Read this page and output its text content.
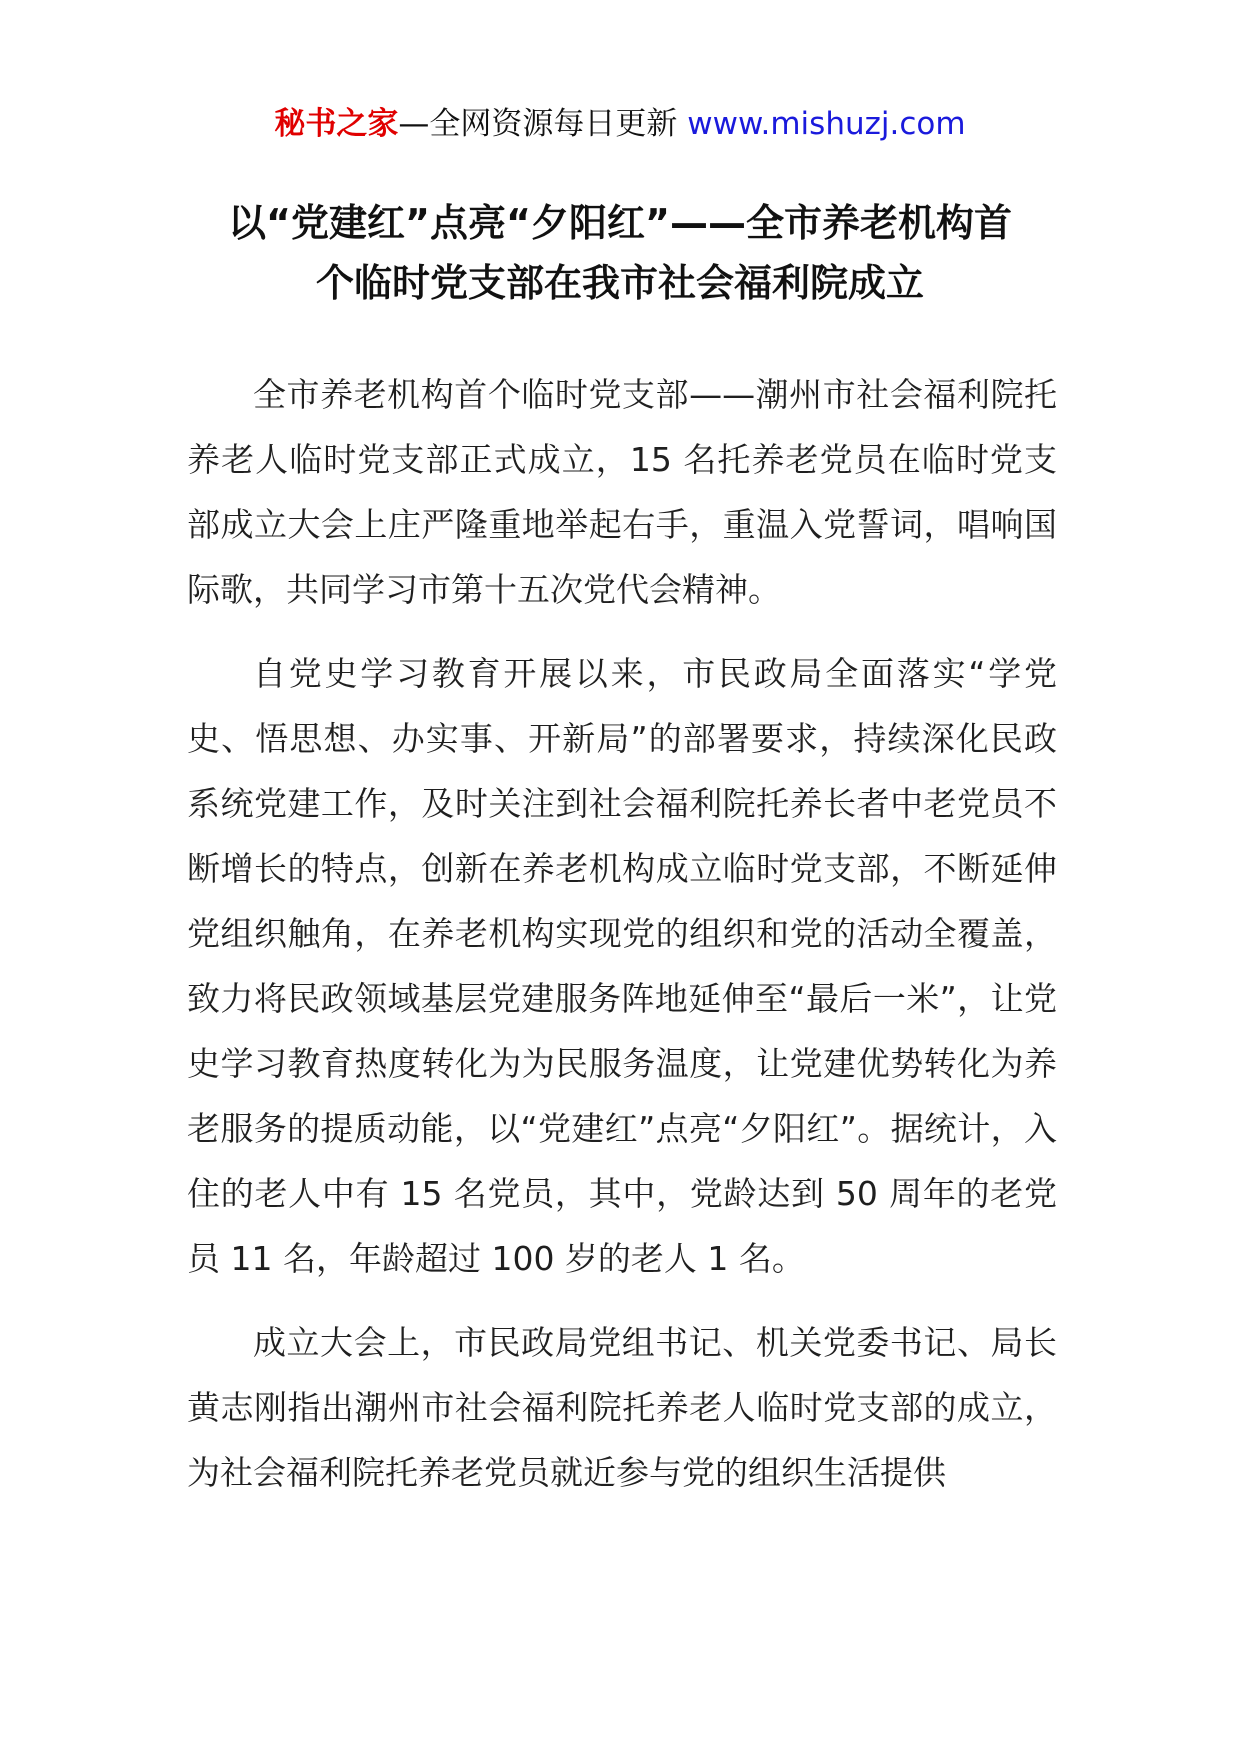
秘书之家—全网资源每日更新 www.mishuzj.com
以“党建红”点亮“夕阳红”——全市养老机构首
个临时党支部在我市社会福利院成立

全市养老机构首个临时党支部——潮州市社会福利院托养老人临时党支部正式成立，15 名托养老党员在临时党支部成立大会上庄严隆重地举起右手，重温入党誓词，唱响国际歌，共同学习市第十五次党代会精神。

自党史学习教育开展以来，市民政局全面落实“学党史、悟思想、办实事、开新局”的部署要求，持续深化民政系统党建工作，及时关注到社会福利院托养长者中老党员不断增长的特点，创新在养老机构成立临时党支部，不断延伸党组织触角，在养老机构实现党的组织和党的活动全覆盖，致力将民政领域基层党建服务阵地延伸至“最后一米”，让党史学习教育热度转化为为民服务温度，让党建优势转化为养老服务的提质动能，以“党建红”点亮“夕阳红”。据统计，入住的老人中有 15 名党员，其中，党龄达到 50 周年的老党员 11 名，年龄超过 100 岁的老人 1 名。

成立大会上，市民政局党组书记、机关党委书记、局长黄志刚指出潮州市社会福利院托养老人临时党支部的成立，为社会福利院托养老党员就近参与党的组织生活提供
